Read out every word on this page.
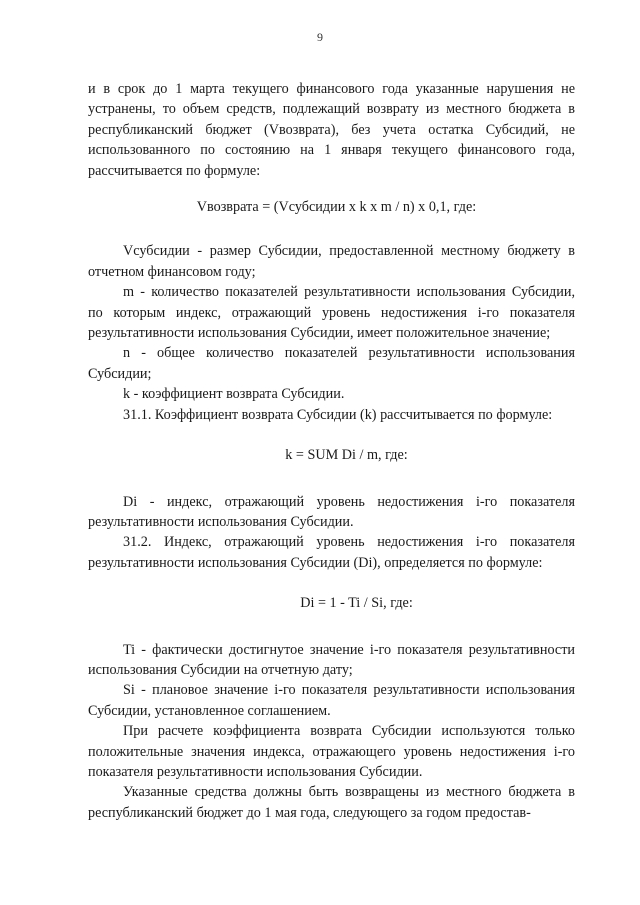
9

и в срок до 1 марта текущего финансового года указанные нарушения не устранены, то объем средств, подлежащий возврату из местного бюджета в республиканский бюджет (Vвозврата), без учета остатка Субсидий, не использованного по состоянию на 1 января текущего финансового года, рассчитывается по формуле:

Vвозврата = (Vсубсидии x k x m / n) x 0,1, где:

Vсубсидии - размер Субсидии, предоставленной местному бюджету в отчетном финансовом году;

m - количество показателей результативности использования Субсидии, по которым индекс, отражающий уровень недостижения i-го показателя результативности использования Субсидии, имеет положительное значение;

n - общее количество показателей результативности использования Субсидии;

k - коэффициент возврата Субсидии.

31.1. Коэффициент возврата Субсидии (k) рассчитывается по формуле:

k = SUM Di / m, где:

Di - индекс, отражающий уровень недостижения i-го показателя результативности использования Субсидии.

31.2. Индекс, отражающий уровень недостижения i-го показателя результативности использования Субсидии (Di), определяется по формуле:

Di = 1 - Ti / Si, где:

Ti - фактически достигнутое значение i-го показателя результативности использования Субсидии на отчетную дату;

Si - плановое значение i-го показателя результативности использования Субсидии, установленное соглашением.

При расчете коэффициента возврата Субсидии используются только положительные значения индекса, отражающего уровень недостижения i-го показателя результативности использования Субсидии.

Указанные средства должны быть возвращены из местного бюджета в республиканский бюджет до 1 мая года, следующего за годом предостав-
